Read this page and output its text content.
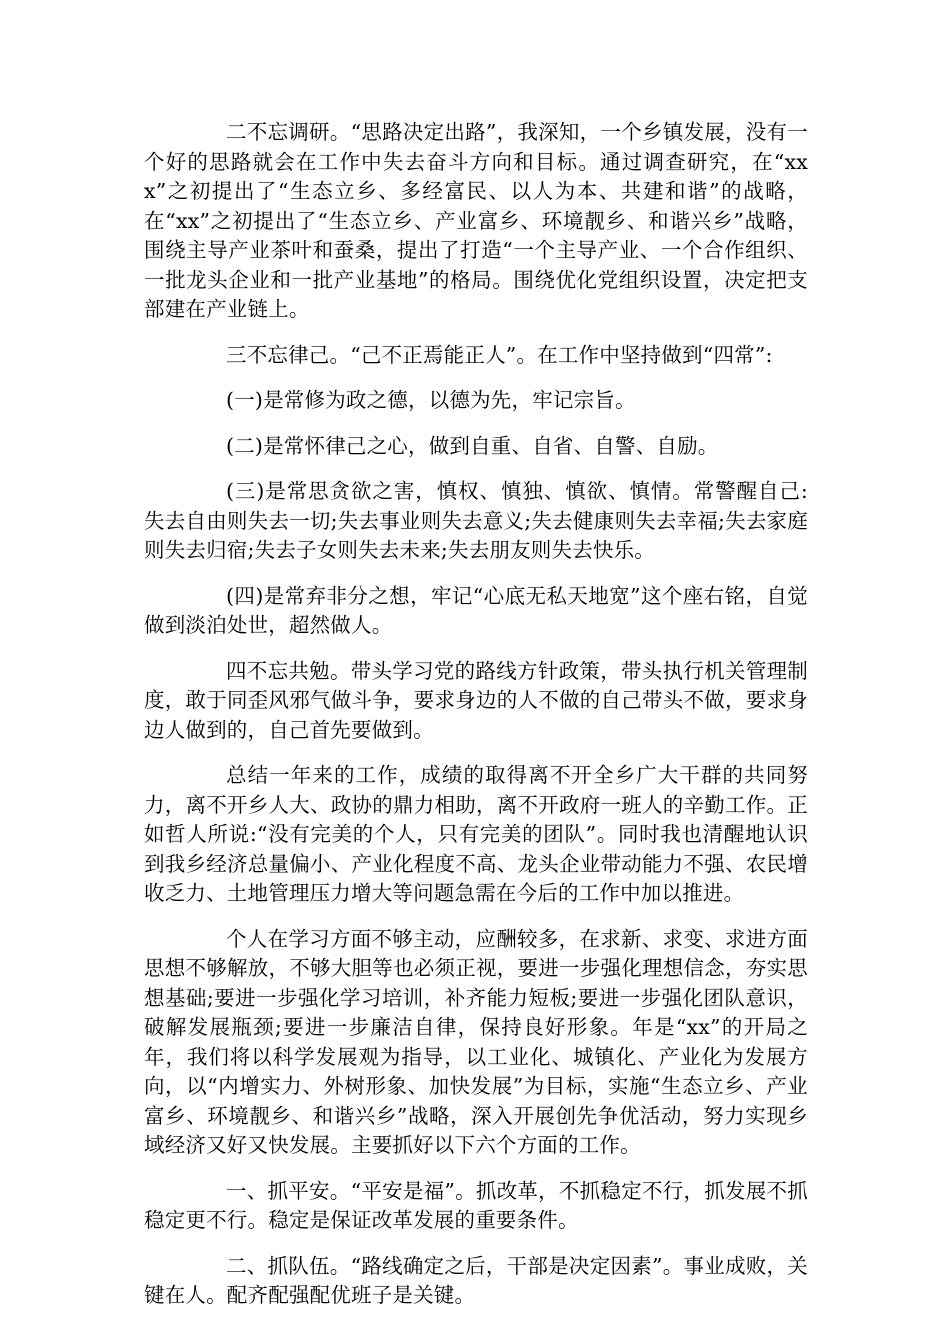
二不忘调研。“思路决定出路”，我深知，一个乡镇发展，没有一个好的思路就会在工作中失去奋斗方向和目标。通过调查研究，在“xxx”之初提出了“生态立乡、多经富民、以人为本、共建和谐”的战略，在“xx”之初提出了“生态立乡、产业富乡、环境靓乡、和谐兴乡”战略，围绕主导产业茶叶和蚕桑，提出了打造“一个主导产业、一个合作组织、一批龙头企业和一批产业基地”的格局。围绕优化党组织设置，决定把支部建在产业链上。

三不忘律己。“己不正焉能正人”。在工作中坚持做到“四常”:

(一)是常修为政之德，以德为先，牢记宗旨。

(二)是常怀律己之心，做到自重、自省、自警、自励。

(三)是常思贪欲之害，慎权、慎独、慎欲、慎情。常警醒自己:失去自由则失去一切;失去事业则失去意义;失去健康则失去幸福;失去家庭则失去归宿;失去子女则失去未来;失去朋友则失去快乐。

(四)是常弃非分之想，牢记“心底无私天地宽”这个座右铭，自觉做到淡泊处世，超然做人。

四不忘共勉。带头学习党的路线方针政策，带头执行机关管理制度，敢于同歪风邪气做斗争，要求身边的人不做的自己带头不做，要求身边人做到的，自己首先要做到。

总结一年来的工作，成绩的取得离不开全乡广大干群的共同努力，离不开乡人大、政协的鼎力相助，离不开政府一班人的辛勤工作。正如哲人所说:“没有完美的个人，只有完美的团队”。同时我也清醒地认识到我乡经济总量偏小、产业化程度不高、龙头企业带动能力不强、农民增收乏力、土地管理压力增大等问题急需在今后的工作中加以推进。

个人在学习方面不够主动，应酬较多，在求新、求变、求进方面思想不够解放，不够大胆等也必须正视，要进一步强化理想信念，夯实思想基础;要进一步强化学习培训，补齐能力短板;要进一步强化团队意识，破解发展瓶颈;要进一步廉洁自律，保持良好形象。年是“xx”的开局之年，我们将以科学发展观为指导，以工业化、城镇化、产业化为发展方向，以“内增实力、外树形象、加快发展”为目标，实施“生态立乡、产业富乡、环境靓乡、和谐兴乡”战略，深入开展创先争优活动，努力实现乡域经济又好又快发展。主要抓好以下六个方面的工作。

一、抓平安。“平安是福”。抓改革，不抓稳定不行，抓发展不抓稳定更不行。稳定是保证改革发展的重要条件。

二、抓队伍。“路线确定之后，干部是决定因素”。事业成败，关键在人。配齐配强配优班子是关键。
